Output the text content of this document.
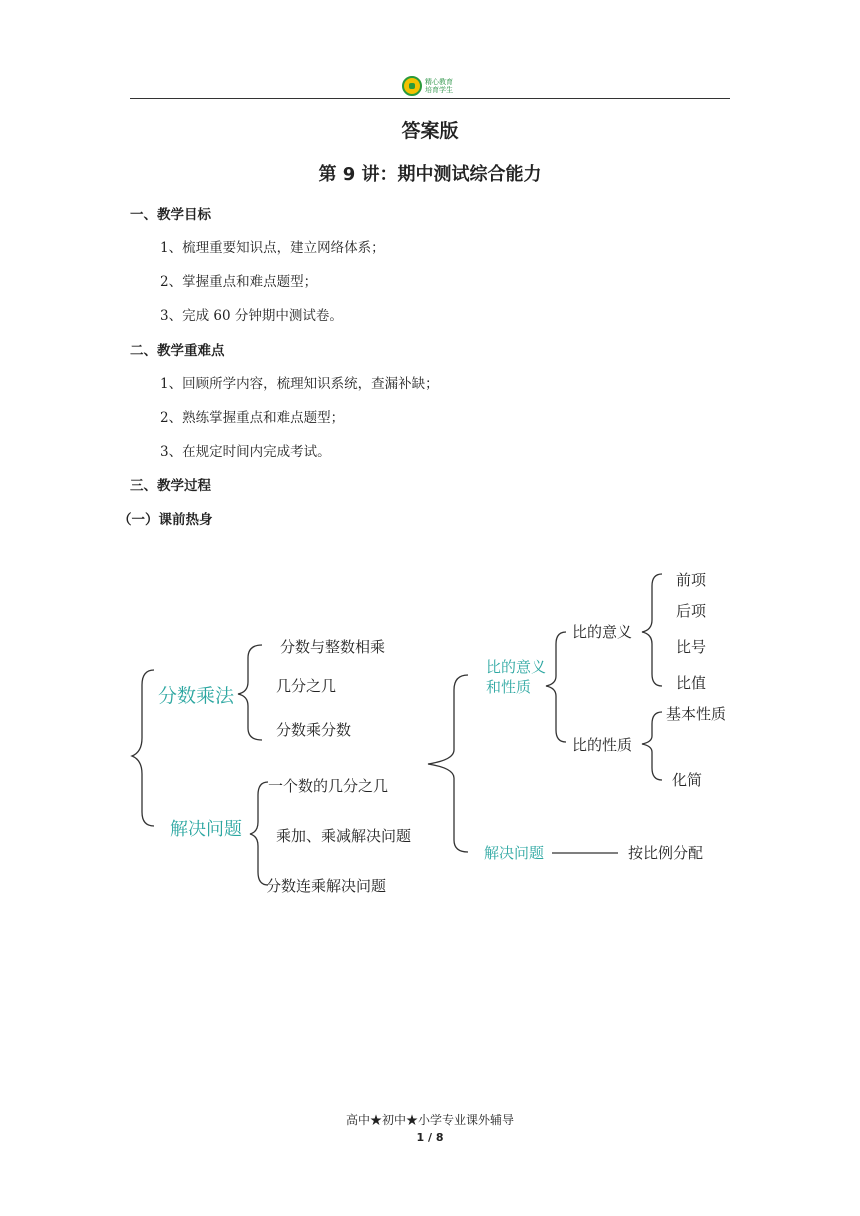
精心教育
培育学生
答案版
第 9 讲：期中测试综合能力
一、教学目标
1、梳理重要知识点，建立网络体系；
2、掌握重点和难点题型；
3、完成 60 分钟期中测试卷。
二、教学重难点
1、回顾所学内容，梳理知识系统，查漏补缺；
2、熟练掌握重点和难点题型；
3、在规定时间内完成考试。
三、教学过程
（一）课前热身
分数乘法
解决问题
分数与整数相乘
几分之几
分数乘分数
一个数的几分之几
乘加、乘减解决问题
分数连乘解决问题
比的意义
和性质
比的意义
比的性质
前项
后项
比号
比值
基本性质
化简
解决问题	按比例分配
高中★初中★小学专业课外辅导
1 / 8
